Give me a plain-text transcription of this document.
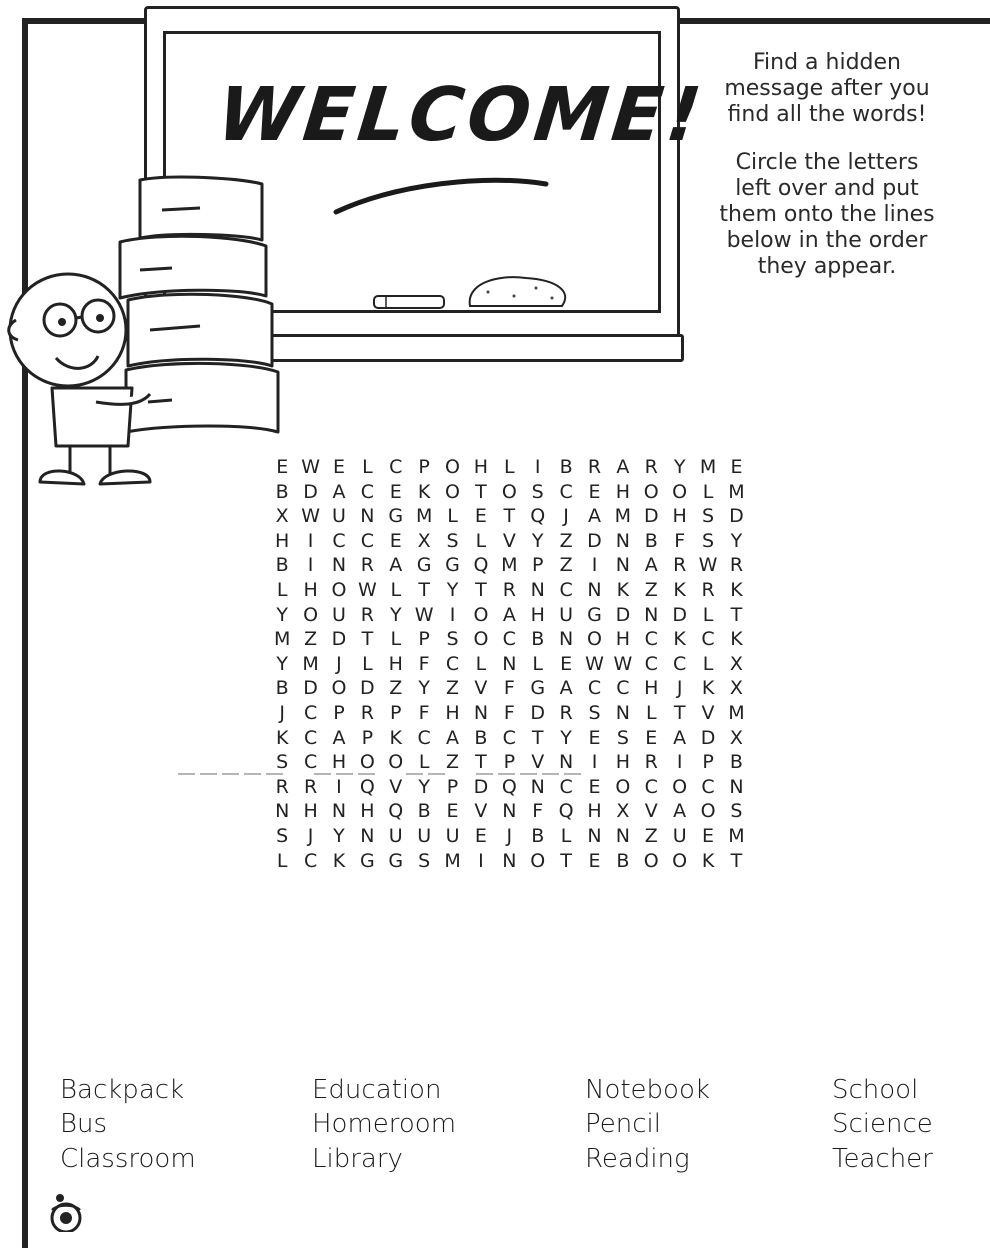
WELCOME!

Find a hidden
message after you
find all the words!

Circle the letters
left over and put
them onto the lines
below in the order
they appear.

E W E L C P O H L	I	B R A R Y M E
B D A C E K O T O S C E H O O L M
X W U N G M L E T Q J	A M D H S D
H I C C E X S L V Y Z D N B F S Y
B	I N R A G G Q M P Z	I N A R W R
L H O W L T Y T R N C N K Z K R K
Y O U R Y W I O A H U G D N D L T
M Z D T L P S O C B N O H C K C K
Y M J	L H F C L N L E W W C C L X
B D O D Z Y Z V F G A C C H J	K X
J C P R P F H N F D R S N L T V M
K C A P K C A B C T Y E S E A D X
S C H O O L Z T P V N I H R I	P B
R R I Q V Y P D Q N C E O C O C N
N H N H Q B E V N F Q H X V A O S
S	J	Y N U U U E	J	B L N N Z U E M
L C K G G S M I N O T E B O O K T
Backpack
Bus
Classroom
Education
Homeroom
Library
Notebook
Pencil
Reading
School
Science
Teacher
